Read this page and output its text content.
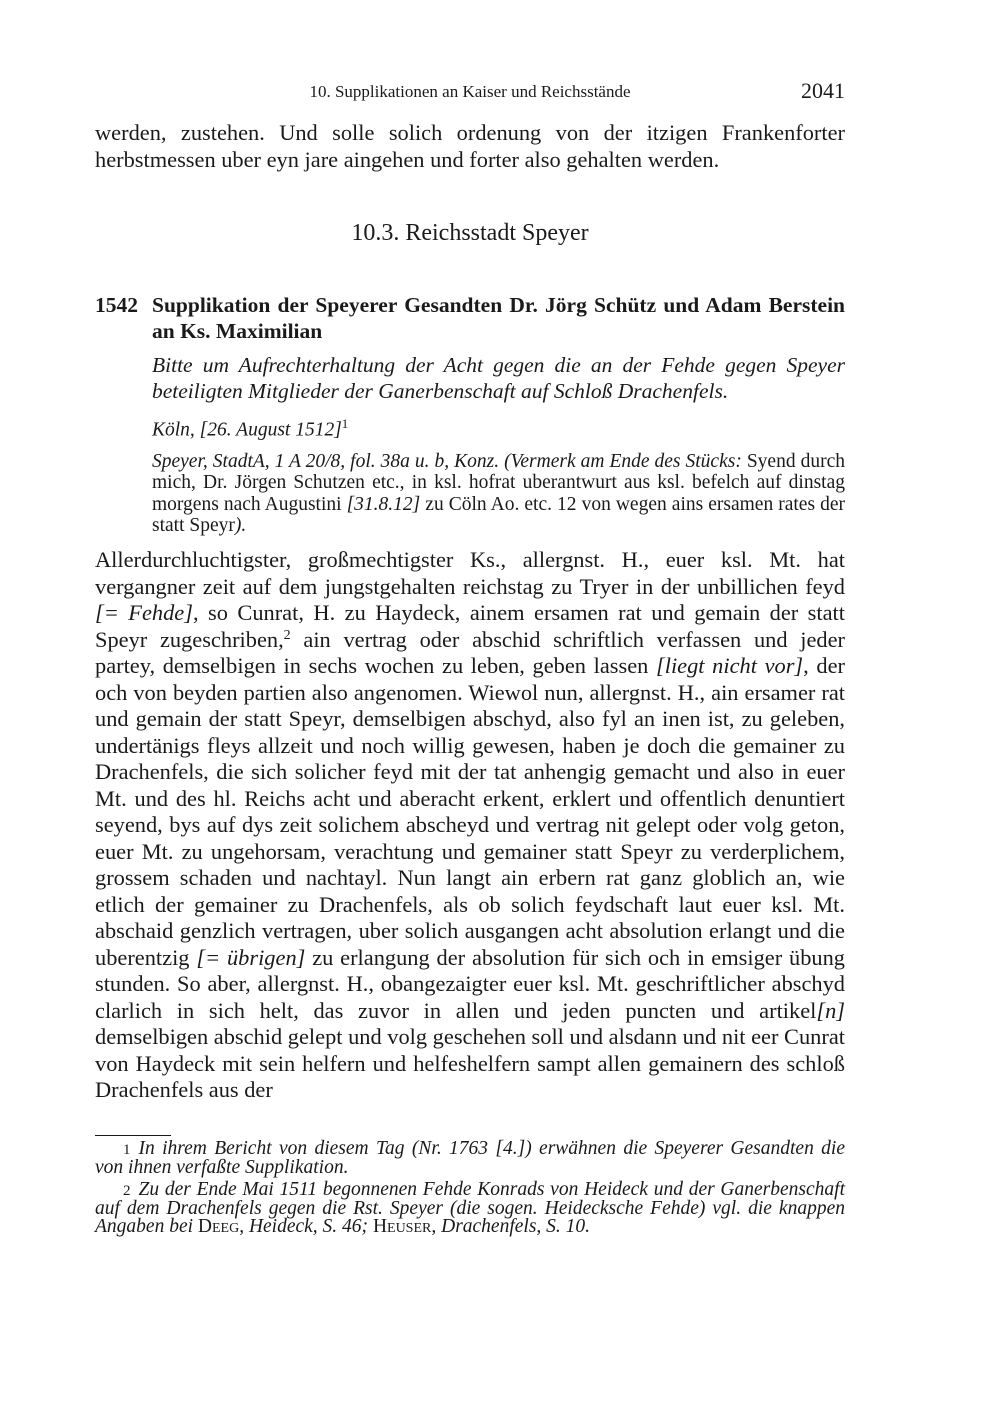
10. Supplikationen an Kaiser und Reichsstände	2041

werden, zustehen. Und solle solich ordenung von der itzigen Frankenforter herbstmessen uber eyn jare aingehen und forter also gehalten werden.

10.3. Reichsstadt Speyer
1542 Supplikation der Speyerer Gesandten Dr. Jörg Schütz und Adam Berstein an Ks. Maximilian
Bitte um Aufrechterhaltung der Acht gegen die an der Fehde gegen Speyer beteiligten Mitglieder der Ganerbenschaft auf Schloß Drachenfels.
Köln, [26. August 1512]$^1$
Speyer, StadtA, 1 A 20/8, fol. 38a u. b, Konz. (Vermerk am Ende des Stücks: Syend durch mich, Dr. Jörgen Schutzen etc., in ksl. hofrat uberantwurt aus ksl. befelch auf dinstag morgens nach Augustini [31.8.12] zu Cöln Ao. etc. 12 von wegen ains ersamen rates der statt Speyr).

Allerdurchluchtigster, großmechtigster Ks., allergnst. H., euer ksl. Mt. hat vergangner zeit auf dem jungstgehalten reichstag zu Tryer in der unbillichen feyd [= Fehde], so Cunrat, H. zu Haydeck, ainem ersamen rat und gemain der statt Speyr zugeschriben,$^2$ ain vertrag oder abschid schriftlich verfassen und jeder partey, demselbigen in sechs wochen zu leben, geben lassen [liegt nicht vor], der och von beyden partien also angenomen. Wiewol nun, allergnst. H., ain ersamer rat und gemain der statt Speyr, demselbigen abschyd, also fyl an inen ist, zu geleben, undertänigs fleys allzeit und noch willig gewesen, haben je doch die gemainer zu Drachenfels, die sich solicher feyd mit der tat anhengig gemacht und also in euer Mt. und des hl. Reichs acht und aberacht erkent, erklert und offentlich denuntiert seyend, bys auf dys zeit solichem abscheyd und vertrag nit gelept oder volg geton, euer Mt. zu ungehorsam, verachtung und gemainer statt Speyr zu verderplichem, grossem schaden und nachtayl. Nun langt ain erbern rat ganz globlich an, wie etlich der gemainer zu Drachenfels, als ob solich feydschaft laut euer ksl. Mt. abschaid genzlich vertragen, uber solich ausgangen acht absolution erlangt und die uberentzig [= übrigen] zu erlangung der absolution für sich och in emsiger übung stunden. So aber, allergnst. H., obangezaigter euer ksl. Mt. geschriftlicher abschyd clarlich in sich helt, das zuvor in allen und jeden puncten und artikel[n] demselbigen abschid gelept und volg geschehen soll und alsdann und nit eer Cunrat von Haydeck mit sein helfern und helfeshelfern sampt allen gemainern des schloß Drachenfels aus der

1 In ihrem Bericht von diesem Tag (Nr. 1763 [4.]) erwähnen die Speyerer Gesandten die von ihnen verfaßte Supplikation.

2 Zu der Ende Mai 1511 begonnenen Fehde Konrads von Heideck und der Ganerbenschaft auf dem Drachenfels gegen die Rst. Speyer (die sogen. Heidecksche Fehde) vgl. die knappen Angaben bei Deeg, Heideck, S. 46; Heuser, Drachenfels, S. 10.
